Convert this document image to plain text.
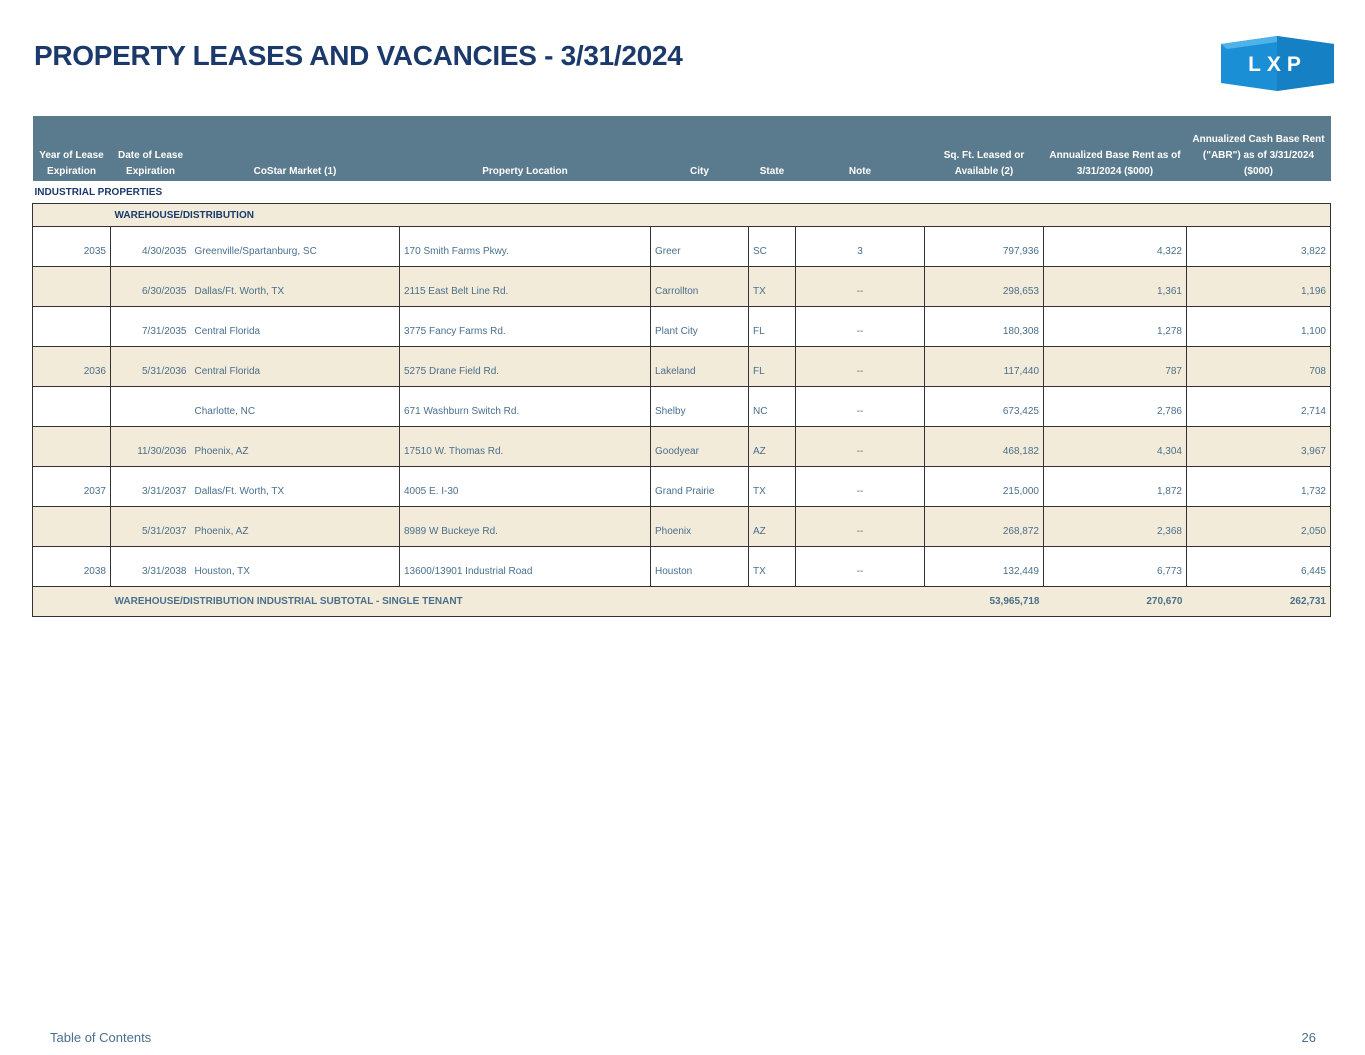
PROPERTY LEASES AND VACANCIES - 3/31/2024	LXP
Year of Lease Expiration	Date of Lease Expiration	CoStar Market (1)	Property Location	City	State	Note	Sq. Ft. Leased or Available (2)	Annualized Base Rent as of 3/31/2024 ($000)	Annualized Cash Base Rent ("ABR") as of 3/31/2024 ($000)
INDUSTRIAL PROPERTIES									
	WAREHOUSE/DISTRIBUTION								
2035	4/30/2035	Greenville/Spartanburg, SC	170 Smith Farms Pkwy.	Greer	SC	3	797,936	4,322	3,822
	6/30/2035	Dallas/Ft. Worth, TX	2115 East Belt Line Rd.	Carrollton	TX	--	298,653	1,361	1,196
	7/31/2035	Central Florida	3775 Fancy Farms Rd.	Plant City	FL	--	180,308	1,278	1,100
2036	5/31/2036	Central Florida	5275 Drane Field Rd.	Lakeland	FL	--	117,440	787	708
		Charlotte, NC	671 Washburn Switch Rd.	Shelby	NC	--	673,425	2,786	2,714
	11/30/2036	Phoenix, AZ	17510 W. Thomas Rd.	Goodyear	AZ	--	468,182	4,304	3,967
2037	3/31/2037	Dallas/Ft. Worth, TX	4005 E. I-30	Grand Prairie	TX	--	215,000	1,872	1,732
	5/31/2037	Phoenix, AZ	8989 W Buckeye Rd.	Phoenix	AZ	--	268,872	2,368	2,050
2038	3/31/2038	Houston, TX	13600/13901 Industrial Road	Houston	TX	--	132,449	6,773	6,445
	WAREHOUSE/DISTRIBUTION INDUSTRIAL SUBTOTAL - SINGLE TENANT						53,965,718	270,670	262,731
Table of Contents	26
